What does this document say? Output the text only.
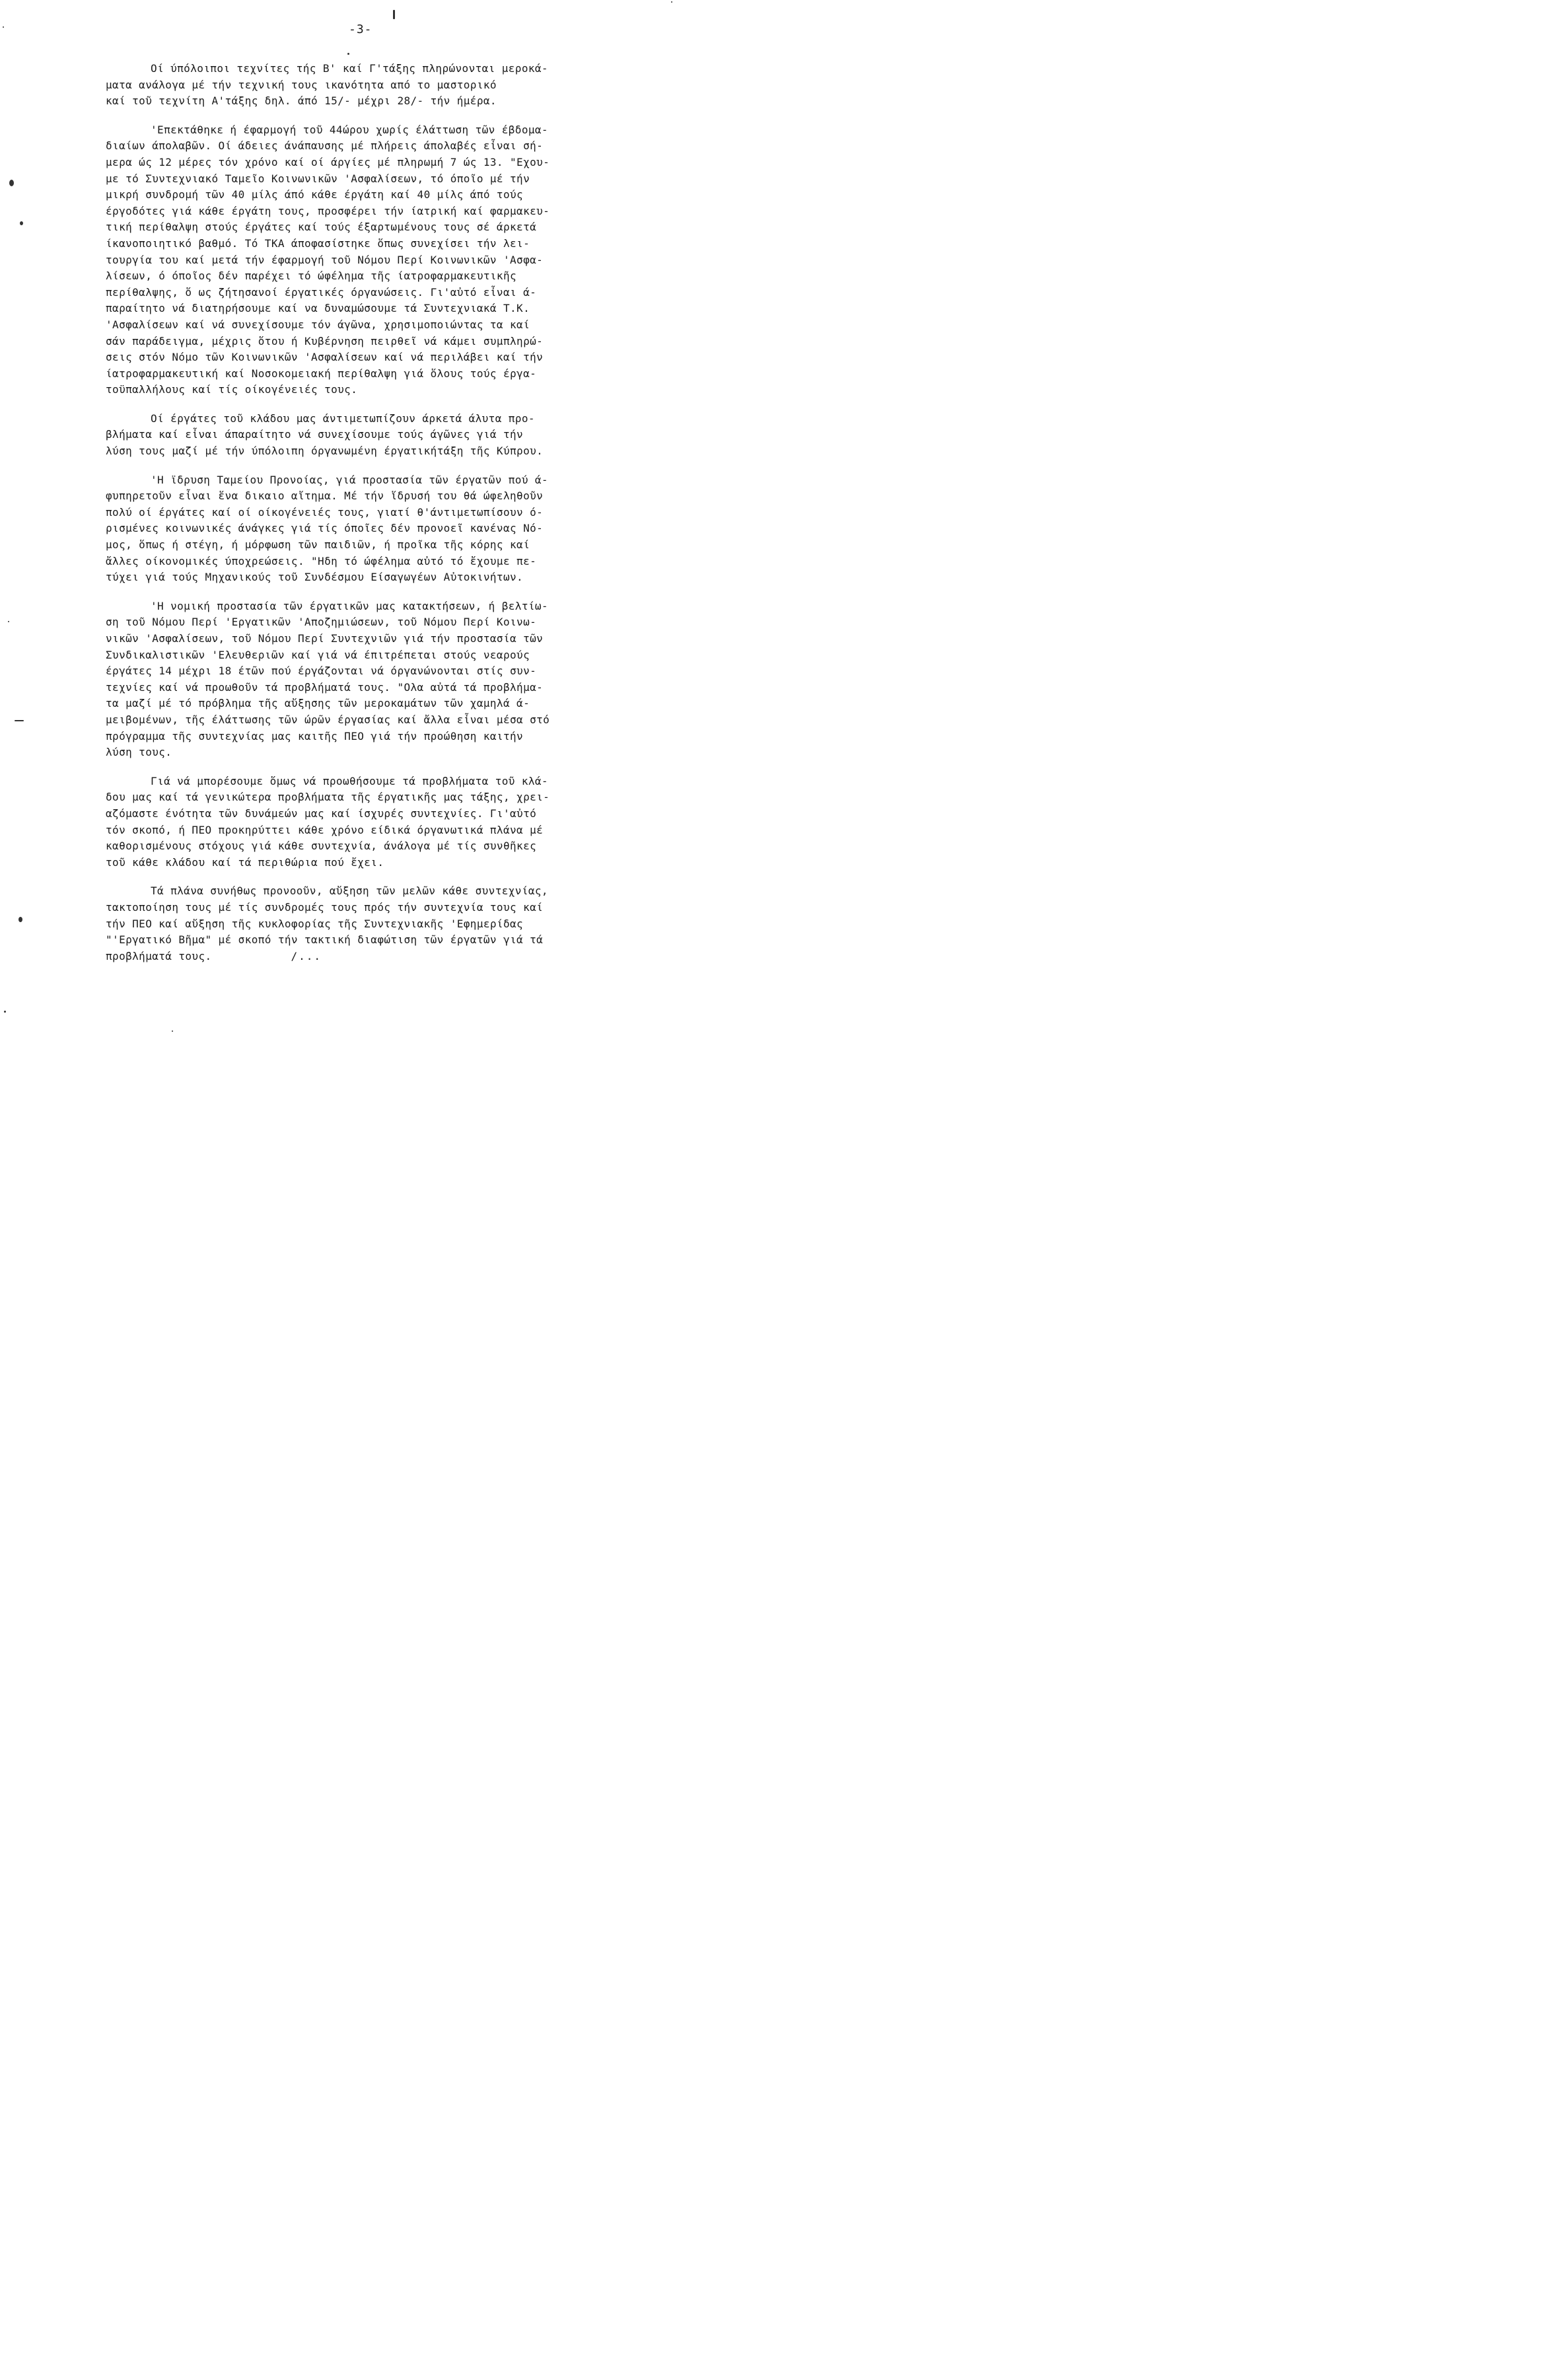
-3-
Οί ύπόλοιποι τεχνίτες τής Β' καί Γ'τάξης πληρώνονται μεροκά-
ματα ανάλογα μέ τήν τεχνική τους ικανότητα από το μαστορικό
καί τοῦ τεχνίτη Α'τάξης δηλ. άπό 15/- μέχρι 28/- τήν ήμέρα.
'Επεκτάθηκε ή έφαρμογή τοῦ 44ώρου χωρίς έλάττωση τῶν έβδομα-
διαίων άπολαβῶν. Οί άδειες άνάπαυσης μέ πλήρεις άπολαβές εἶναι σή-
μερα ώς 12 μέρες τόν χρόνο καί οί άργίες μέ πληρωμή 7 ώς 13. "Εχου-
με τό Συντεχνιακό Ταμεῖο Κοινωνικῶν 'Ασφαλίσεων, τό όποῖο μέ τήν
μικρή συνδρομή τῶν 40 μίλς άπό κάθε έργάτη καί 40 μίλς άπό τούς
έργοδότες γιά κάθε έργάτη τους, προσφέρει τήν ίατρική καί φαρμακευ-
τική περίθαλψη στούς έργάτες καί τούς έξαρτωμένους τους σέ άρκετά
ίκανοποιητικό βαθμό. Τό ΤΚΑ άποφασίστηκε ὅπως συνεχίσει τήν λει-
τουργία του καί μετά τήν έφαρμογή τοῦ Νόμου Περί Κοινωνικῶν 'Ασφα-
λίσεων, ό όποῖος δέν παρέχει τό ώφέλημα τῆς ίατροφαρμακευτικῆς
περίθαλψης, ὅ ως ζήτησανοί έργατικές όργανώσεις. Γι'αὐτό εἶναι ά-
παραίτητο νά διατηρήσουμε καί να δυναμώσουμε τά Συντεχνιακά Τ.Κ.
'Ασφαλίσεων καί νά συνεχίσουμε τόν άγῶνα, χρησιμοποιώντας τα καί
σάν παράδειγμα, μέχρις ὅτου ή Κυβέρνηση πειρθεῖ νά κάμει συμπληρώ-
σεις στόν Νόμο τῶν Κοινωνικῶν 'Ασφαλίσεων καί νά περιλάβει καί τήν
ίατροφαρμακευτική καί Νοσοκομειακή περίθαλψη γιά ὅλους τούς έργα-
τοϋπαλλήλους καί τίς οίκογένειές τους.
Οί έργάτες τοῦ κλάδου μας άντιμετωπίζουν άρκετά άλυτα προ-
βλήματα καί εἶναι άπαραίτητο νά συνεχίσουμε τούς άγῶνες γιά τήν
λύση τους μαζί μέ τήν ύπόλοιπη όργανωμένη έργατικήτάξη τῆς Κύπρου.
'Η ϊδρυση Ταμείου Προνοίας, γιά προστασία τῶν έργατῶν πού ά-
φυπηρετοῦν εἶναι ἕνα δικαιο αἴτημα. Μέ τήν ἵδρυσή του θά ώφεληθοῦν
πολύ οί έργάτες καί οί οίκογένειές τους, γιατί θ'άντιμετωπίσουν ό-
ρισμένες κοινωνικές άνάγκες γιά τίς όποῖες δέν προνοεῖ κανένας Νό-
μος, ὅπως ή στέγη, ή μόρφωση τῶν παιδιῶν, ή προῖκα τῆς κόρης καί
ἄλλες οίκονομικές ύποχρεώσεις. "Ηδη τό ώφέλημα αὐτό τό ἔχουμε πε-
τύχει γιά τούς Μηχανικούς τοῦ Συνδέσμου Είσαγωγέων Αὐτοκινήτων.
'Η νομική προστασία τῶν έργατικῶν μας κατακτήσεων, ή βελτίω-
ση τοῦ Νόμου Περί 'Εργατικῶν 'Αποζημιώσεων, τοῦ Νόμου Περί Κοινω-
νικῶν 'Ασφαλίσεων, τοῦ Νόμου Περί Συντεχνιῶν γιά τήν προστασία τῶν
Συνδικαλιστικῶν 'Ελευθεριῶν καί γιά νά έπιτρέπεται στούς νεαρούς
έργάτες 14 μέχρι 18 έτῶν πού έργάζονται νά όργανώνονται στίς συν-
τεχνίες καί νά προωθοῦν τά προβλήματά τους. "Ολα αὐτά τά προβλήμα-
τα μαζί μέ τό πρόβλημα τῆς αὔξησης τῶν μεροκαμάτων τῶν χαμηλά ά-
μειβομένων, τῆς έλάττωσης τῶν ώρῶν έργασίας καί ἄλλα εἶναι μέσα στό
πρόγραμμα τῆς συντεχνίας μας καιτῆς ΠΕΟ γιά τήν προώθηση καιτήν
λύση τους.
Γιά νά μπορέσουμε ὅμως νά προωθήσουμε τά προβλήματα τοῦ κλά-
δου μας καί τά γενικώτερα προβλήματα τῆς έργατικῆς μας τάξης, χρει-
αζόμαστε ένότητα τῶν δυνάμεών μας καί ίσχυρές συντεχνίες. Γι'αὐτό
τόν σκοπό, ή ΠΕΟ προκηρύττει κάθε χρόνο είδικά όργανωτικά πλάνα μέ
καθορισμένους στόχους γιά κάθε συντεχνία, άνάλογα μέ τίς συνθῆκες
τοῦ κάθε κλάδου καί τά περιθώρια πού ἔχει.
Τά πλάνα συνήθως προνοοῦν, αὔξηση τῶν μελῶν κάθε συντεχνίας,
τακτοποίηση τους μέ τίς συνδρομές τους πρός τήν συντεχνία τους καί
τήν ΠΕΟ καί αὔξηση τῆς κυκλοφορίας τῆς Συντεχνιακῆς 'Εφημερίδας
"'Εργατικό Βῆμα" μέ σκοπό τήν τακτική διαφώτιση τῶν έργατῶν γιά τά
προβλήματά τους.	/...
